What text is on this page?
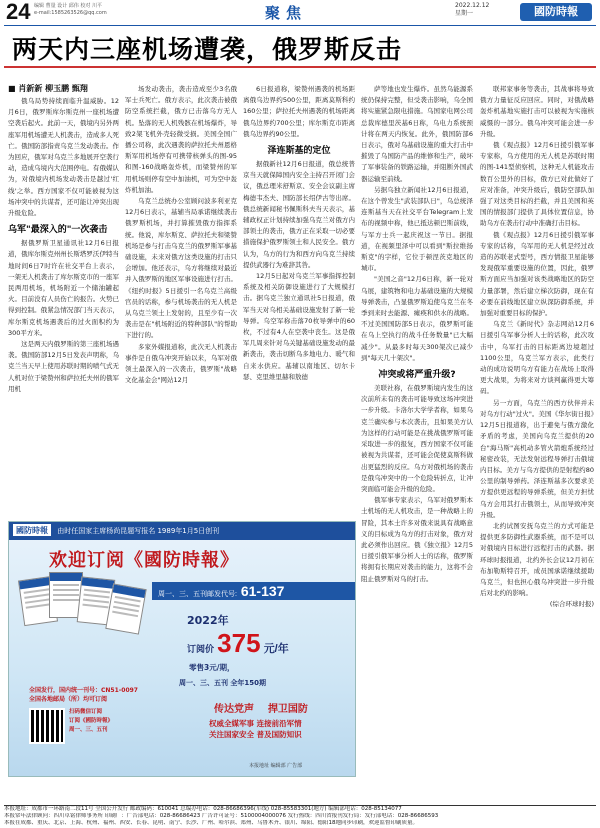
24 编辑 曹量 设计 邱伟 校对 川平
e-mail:1585263526@qq.com	聚焦	2022.12.12
星期一	國防時報
两天内三座机场遭袭，俄罗斯反击
■ 肖新新 柳玉鹏 甄翔

俄乌局势持续面临升温威胁。12月6日，俄罗斯库尔斯克州一座机场遭空袭后起火。此前一天，俄境内另外两座军用机场遭无人机袭击，造成多人死亡。俄国防部指责乌克兰发动袭击。作为回应，俄军对乌克兰多地展开空袭行动，造成乌境内大范围停电。有俄媒认为，对俄境内机场发动袭击是越过'红线'之举。西方国家不仅可能被视为这场冲突中的共谋者，还可能让冲突出现升级危险。

乌军"最深入的"一次袭击

据俄罗斯卫星通讯社12月6日报道，俄库尔斯克州州长斯塔罗沃伊特当地时间6日7时许在社交平台上表示，一架无人机袭击了库尔斯克市的一座军民两用机场，机场附近一个储油罐起火。目前没有人员伤亡的报告。火势已得到控制。俄紧急情况部门当天表示，库尔斯克机场遇袭后的过火面积约为300平方米。

这是两天内俄罗斯的第三座机场遇袭。俄国防部12月5日发表声明称，乌克兰当天早上使用苏联时期的喷气式无人机对位于梁赞州和萨拉托夫州的俄军用机

场发动袭击，袭击造成至少3名俄军士兵死亡。俄方表示，此次袭击被俄防空系统拦截，俄方已击落乌方无人机。坠落的无人机残骸在机场爆炸，导致2架飞机外壳轻微受损。美国全国广播公司称，此次遇袭的萨拉托夫州恩格斯军用机场停有可携带核弹头的图-95和图-160战略轰炸机，而梁赞州的军用机场则停有空中加油机，可为空中轰炸机加油。

乌克兰总统办公室顾问波多利亚克12月6日表示，基辅当局承诺继续袭击俄罗斯机场，并打算摧毁俄方指挥系统。他说，库尔斯克、萨拉托夫和梁赞机场是参与打击乌克兰的俄罗斯军事基础设施，未来对俄方这类设施的打击只会增加。他还表示，乌方将继续对最近并入俄罗斯的地区军事设施进行打击。《纽约时报》5日援引一名乌克兰高级官员的话称，参与机场袭击的无人机是从乌克兰领土上发射的，且至少有一次袭击是在"机场附近的特种部队"的帮助下进行的。

多家外媒报道称，此次无人机袭击事件是自俄乌冲突开始以来，乌军对俄领土最深入的一次袭击，俄罗斯"战略文化基金会"网站12月

6日报道称，梁赞州遇袭的机场距离俄乌边界约500公里，距离莫斯科约160公里；萨拉托夫州遇袭的机场距离俄乌边界约700公里；库尔斯克市距离俄乌边界约90公里。

泽连斯基的定位

据俄新社12月6日报道，俄总统普京当天就保障国内安全主持召开闭门会议，俄总理米舒斯京、安全会议副主席梅德韦杰夫、国防部长绍伊古等出席。俄总统新闻秘书佩斯科夫当天表示，基辅政权正计划持续加强乌克兰对俄方内部领土的袭击，俄方正在采取一切必要措施保护俄罗斯领土和人民安全。俄方认为，乌方的行为和西方向乌克兰持续提供武器行为难辞其咎。

12月5日起对乌克兰军事指挥控制系统及相关防御设施进行了大规模打击。据乌克兰独立通讯社5日报道，俄军当天对乌相关基础设施发射了新一轮导弹。乌空军称击落70枚导弹中的60枚，不过有4人在空袭中丧生。这是俄军几周来针对乌关键基础设施发动的最新袭击，袭击切断乌多地电力、暖气和自来水供应。基辅以南地区、切尔卡瑟、克里维里赫和敖德

萨等地也发生爆炸。虽然乌能源系统仍保持完整，但受袭击影响，乌全国将实施紧急限电措施。乌国家电网公司总裁库德里茨基6日称，乌电力系统预计将在两天内恢复。此外，俄国防部6日表示，俄对乌基础设施的重大打击中摧毁了乌国防产品的维修和生产，破坏了军事装备的铁路运输，并阻断外国武器运输至前线。

另据乌独立新闻社12月6日报道，在这个曾发生"武装部队日"，乌总统泽连斯基当天在社交平台Telegram上发布的视频中称，他已抵达顿巴斯前线，与军方士兵一起庆祝这一节日。据报道，在视频里泽中可以看到"斯拉维扬斯克"的字样，它位于顿涅茨克地区的城市。

"美国之音"12月6日称，新一轮对乌展，建筑物和电力基础设施的大规模导弹袭击，凸显俄罗斯迫使乌克兰在冬季到来时去能源、瘫痪和供水的战略。不过美国国防部5日表示，俄罗斯可能在乌上空执行的战斗任务数量"已大幅减少"。从最多时每天300架次已减少到"每天几十架次"。

冲突或将严重升级?

美联社称，在俄罗斯境内发生的这次前所未有的袭击可能导致这场冲突进一步升级。卡洛尔大学学者称，如果乌克兰确实参与本次袭击，且如果美方认为这样的行动可能是在挑战俄罗斯可能采取进一步的报复，西方国家不仅可能被视为共谋者，还可能会促使莫斯科做出更猛烈的反应。乌方对俄机场的袭击是俄乌冲突中的一个危险转折点，让冲突面临可能会升级的危险。

俄军事专家表示，乌军对俄罗斯本土机场的无人机攻击，是一种战略上的冒险，其本土许多对俄来说具有战略意义的目标成为乌方的打击对象，俄方对此必须作出回应。俄《独立报》12月5日援引俄军事分析人士的话称，俄罗斯将拥有长期应对袭击的能力，这将不会阻止俄罗斯对乌的打击。

联邦家事务等袭击，其战事将导致俄方力量征反应回应。同时，对俄战略轰炸机基地实施打击可以被视为实施核威慑的一部分。俄乌冲突可能会进一步升级。

俄《观点报》12月6日援引俄军事专家称，乌方使用的无人机是苏联时期的图-141型侦察机，这种无人机能攻击数百公里外的目标，俄方已对此做好了应对准备，冲突升级后，俄防空部队加强了对这类目标的拦截，并且美国和英国的情报部门提供了具体位置信息，协助乌方在袭击行动中准确打击目标。

俄《观点报》12月6日援引俄军事专家的话称，乌军用的无人机是经过改造的苏联老式型号，西方情报卫星能够发现俄军重要设施的位置，因此，俄罗斯方面应当加强对该类战略地区的防空力量部署，然后建立梯次防御，现在有必要在前线地区建立纵深防御系统，并加强对重要目标的保护。

乌克兰《新时代》杂志网站12月6日援引乌军事分析人士的话称，此次攻击中，乌军打击的目标距离边境超过1100公里，乌克兰军方表示，此类行动的成功说明乌方有能力在战场上取得更大战果，为将来对方谈判赢得更大筹码。

另一方面，乌克兰的西方伙伴并未对乌方行动"过火"。美国《华尔街日报》12月5日报道称，出于避免与俄方激化矛盾的考虑，美国向乌克兰提供的20台"海马斯"高机动多管火箭炮系统经过秘密改装，无法发射远程导弹打击俄境内目标。美方与乌方提供的是射程约80公里的制导弹药。泽连斯基多次要求美方提供更远程的导弹系统，但美方担忧乌方会用其打击俄领土，从而导致冲突升级。

北约试图安抚乌克兰的方式可能是提供更多防御性武器系统，而不是可以对俄境内目标进行远程打击的武器。据环球时报报道，北约外长会议12月初在布加勒斯特召开，成员国承诺继续援助乌克兰，但也担心俄乌冲突进一步升级后对北约的影响。

(综合环球时报)

國防時報 由时任国家主席杨尚昆题写报名 1989年1月5日创刊
欢迎订阅《國防時報》
周一、三、五刊邮发代号: 61-137
2022年
订阅价 375 元/年
零售3元/期，
周一、三、五刊 全年150期
全国发行，国内统一刊号：CN51-0097
全国各地邮局（所）均可订阅
扫码微信订阅
订阅《國防時報》
周一、三、五刊
传达党声 捍卫国防
权威全媒军事 连接前沿军情
关注国家安全 普及国防知识
本报地址 编辑部 广告部
本报地址：成都市一环路南二段11号 全国公开发行 邮政编码：610041 总编办电话：028-86686396(军线) 028-85583301(地方) 编辑部电话：028-85134077
本报常年法律顾问：四川卓铭律师事务所 印刷厂：广告部电话：028-86686423 广告许可证号：5100004000076 发行热线：四川省报刊发行局：发行部电话：028-86686593
本报在成都、重庆、北京、上海、杭州、福州、西安、长春、昆明、南宁、长沙、广州、哈尔滨、郑州、乌鲁木齐、银川、绵阳、德阳18地同步印刷，欢迎监督印刷质量。
